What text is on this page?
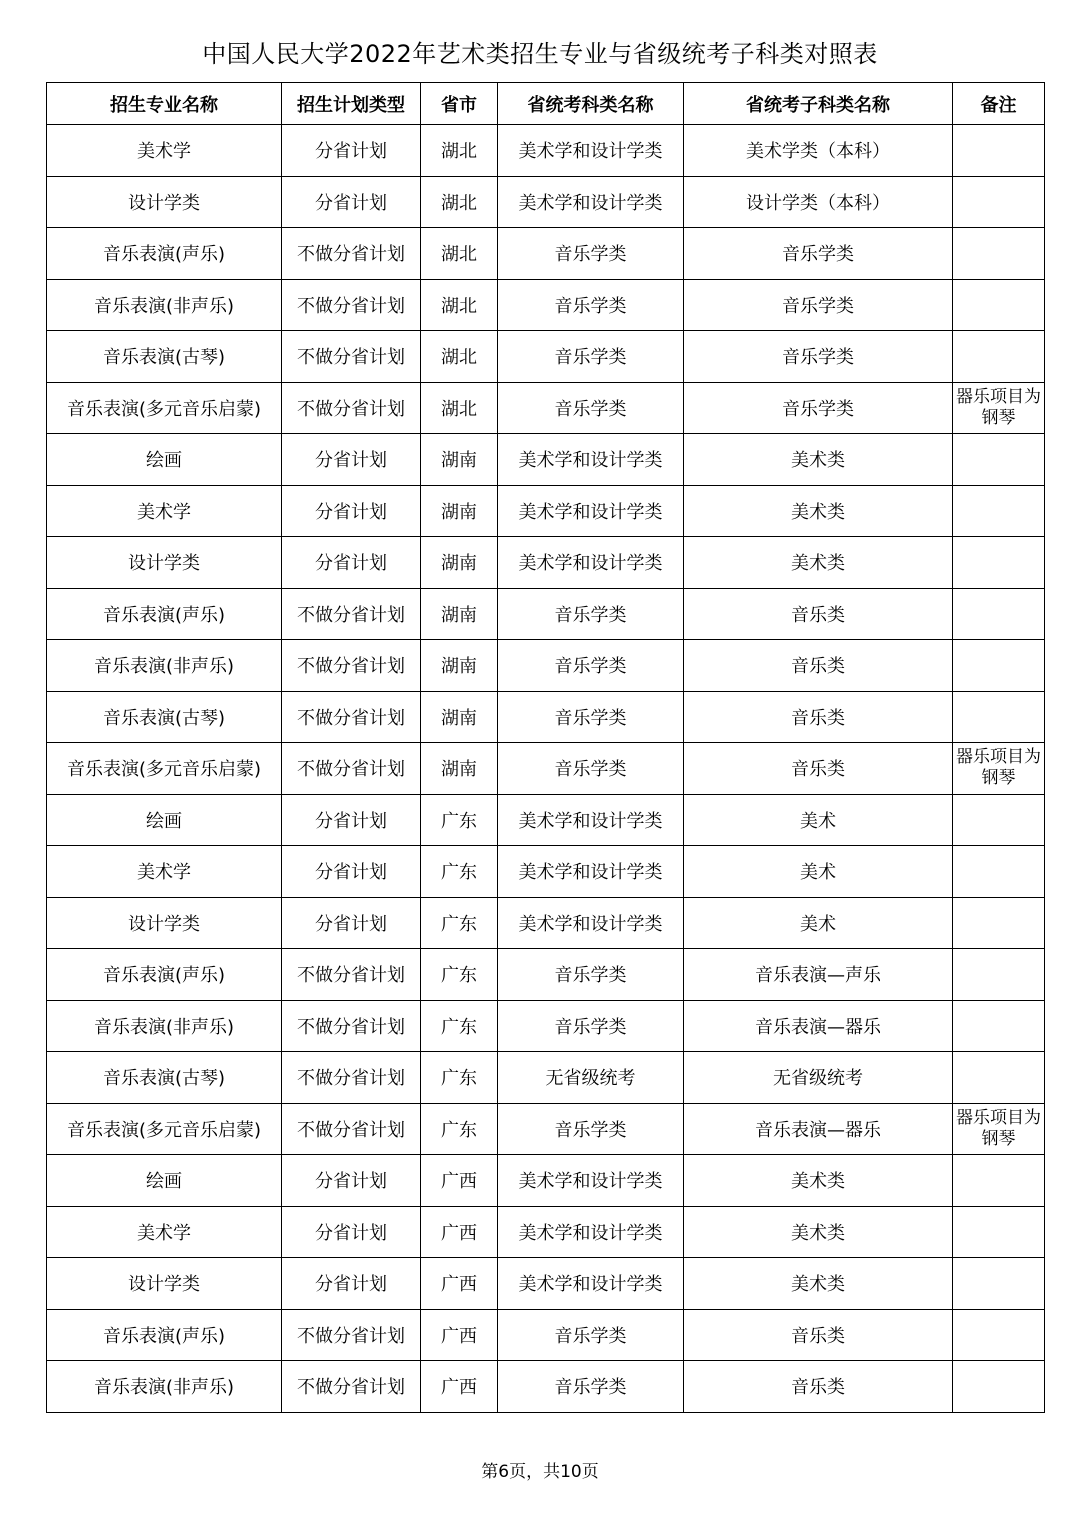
中国人民大学2022年艺术类招生专业与省级统考子科类对照表
招生专业名称	招生计划类型	省市	省统考科类名称	省统考子科类名称	备注
美术学	分省计划	湖北	美术学和设计学类	美术学类（本科）	
设计学类	分省计划	湖北	美术学和设计学类	设计学类（本科）	
音乐表演(声乐)	不做分省计划	湖北	音乐学类	音乐学类	
音乐表演(非声乐)	不做分省计划	湖北	音乐学类	音乐学类	
音乐表演(古琴)	不做分省计划	湖北	音乐学类	音乐学类	
音乐表演(多元音乐启蒙)	不做分省计划	湖北	音乐学类	音乐学类	器乐项目为钢琴
绘画	分省计划	湖南	美术学和设计学类	美术类	
美术学	分省计划	湖南	美术学和设计学类	美术类	
设计学类	分省计划	湖南	美术学和设计学类	美术类	
音乐表演(声乐)	不做分省计划	湖南	音乐学类	音乐类	
音乐表演(非声乐)	不做分省计划	湖南	音乐学类	音乐类	
音乐表演(古琴)	不做分省计划	湖南	音乐学类	音乐类	
音乐表演(多元音乐启蒙)	不做分省计划	湖南	音乐学类	音乐类	器乐项目为钢琴
绘画	分省计划	广东	美术学和设计学类	美术	
美术学	分省计划	广东	美术学和设计学类	美术	
设计学类	分省计划	广东	美术学和设计学类	美术	
音乐表演(声乐)	不做分省计划	广东	音乐学类	音乐表演—声乐	
音乐表演(非声乐)	不做分省计划	广东	音乐学类	音乐表演—器乐	
音乐表演(古琴)	不做分省计划	广东	无省级统考	无省级统考	
音乐表演(多元音乐启蒙)	不做分省计划	广东	音乐学类	音乐表演—器乐	器乐项目为钢琴
绘画	分省计划	广西	美术学和设计学类	美术类	
美术学	分省计划	广西	美术学和设计学类	美术类	
设计学类	分省计划	广西	美术学和设计学类	美术类	
音乐表演(声乐)	不做分省计划	广西	音乐学类	音乐类	
音乐表演(非声乐)	不做分省计划	广西	音乐学类	音乐类	
第6页，共10页
